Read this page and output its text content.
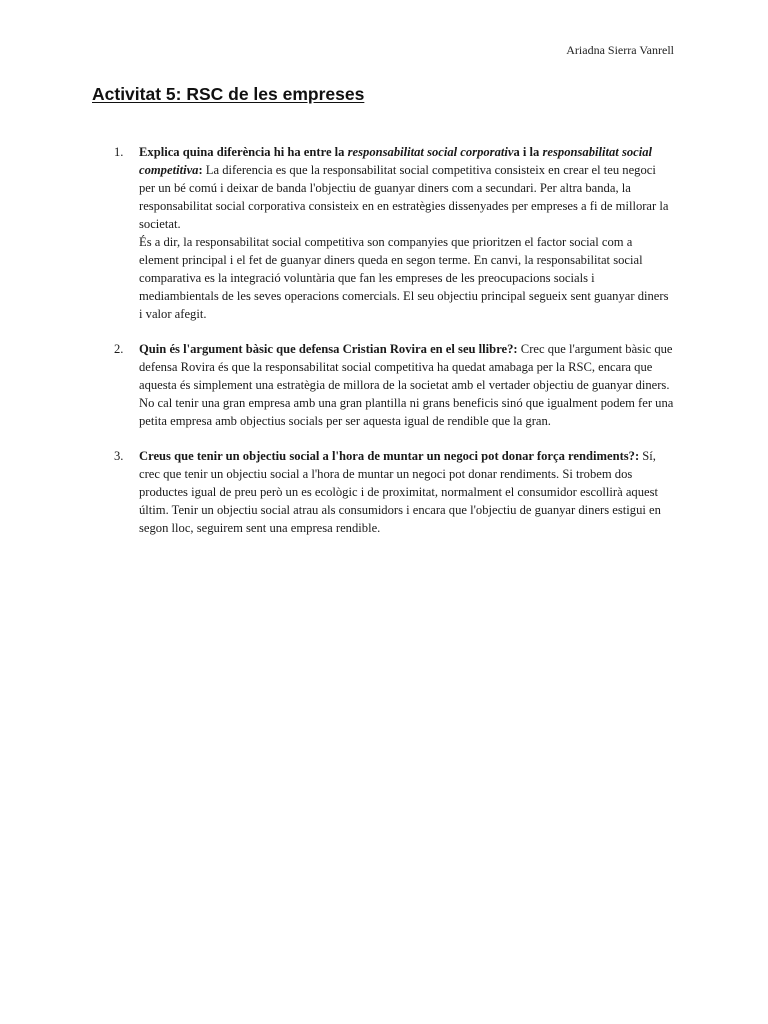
Ariadna Sierra Vanrell
Activitat 5: RSC de les empreses
1. Explica quina diferència hi ha entre la responsabilitat social corporativa i la responsabilitat social competitiva: La diferencia es que la responsabilitat social competitiva consisteix en crear el teu negoci per un bé comú i deixar de banda l'objectiu de guanyar diners com a secundari. Per altra banda, la responsabilitat social corporativa consisteix en en estratègies dissenyades per empreses a fi de millorar la societat.

És a dir, la responsabilitat social competitiva son companyies que prioritzen el factor social com a element principal i el fet de guanyar diners queda en segon terme. En canvi, la responsabilitat social comparativa es la integració voluntària que fan les empreses de les preocupacions socials i mediambientals de les seves operacions comercials. El seu objectiu principal segueix sent guanyar diners i valor afegit.

2. Quin és l'argument bàsic que defensa Cristian Rovira en el seu llibre?: Crec que l'argument bàsic que defensa Rovira és que la responsabilitat social competitiva ha quedat amabaga per la RSC, encara que aquesta és simplement una estratègia de millora de la societat amb el vertader objectiu de guanyar diners.

No cal tenir una gran empresa amb una gran plantilla ni grans beneficis sinó que igualment podem fer una petita empresa amb objectius socials per ser aquesta igual de rendible que la gran.

3. Creus que tenir un objectiu social a l'hora de muntar un negoci pot donar força rendiments?: Sí, crec que tenir un objectiu social a l'hora de muntar un negoci pot donar rendiments. Si trobem dos productes igual de preu però un es ecològic i de proximitat, normalment el consumidor escollirà aquest últim. Tenir un objectiu social atrau als consumidors i encara que l'objectiu de guanyar diners estigui en segon lloc, seguirem sent una empresa rendible.
